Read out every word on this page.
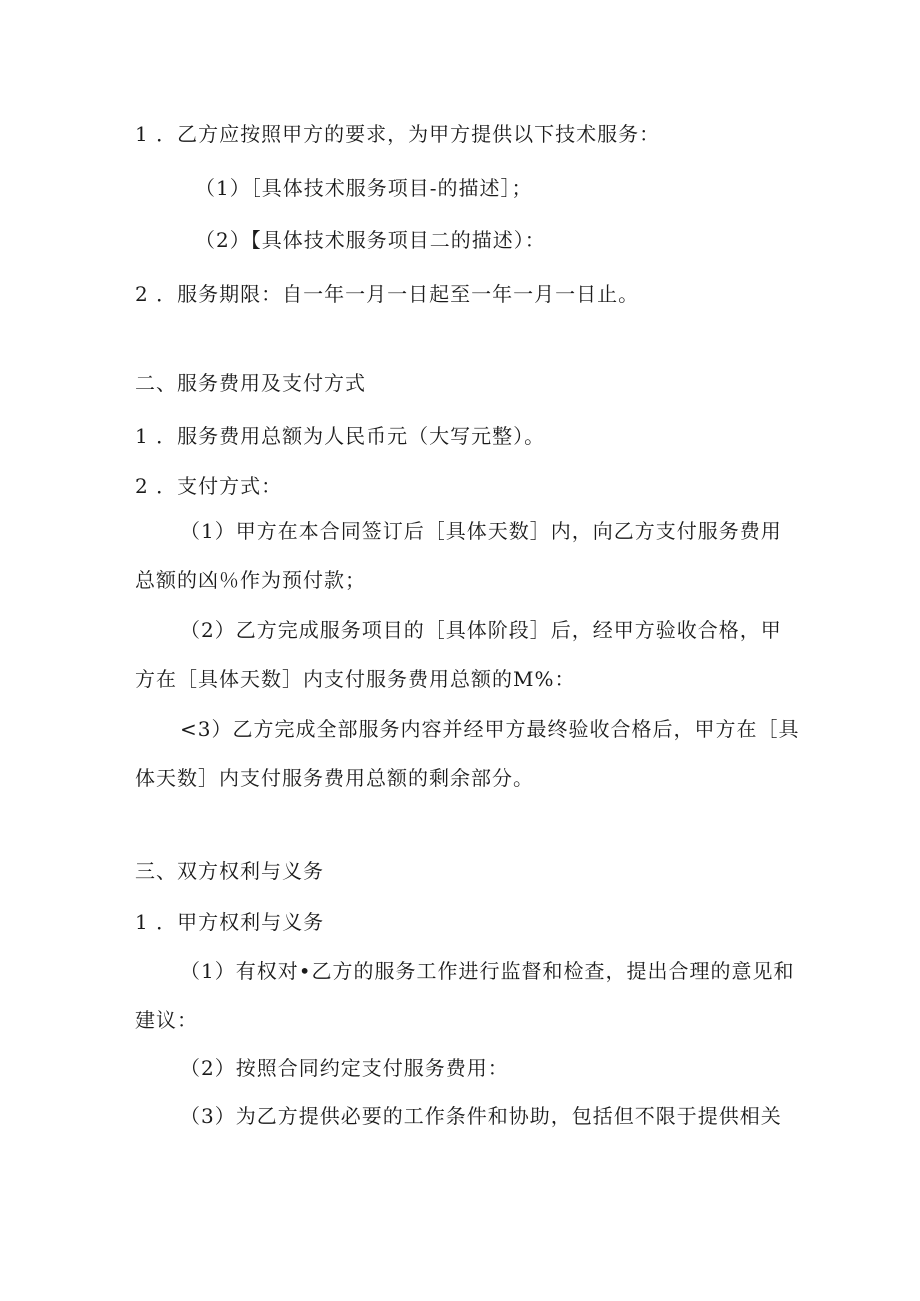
1 ．乙方应按照甲方的要求，为甲方提供以下技术服务：
（1）［具体技术服务项目-的描述］；
（2）【具体技术服务项目二的描述）：
2 ．服务期限：自一年一月一日起至一年一月一日止。
二、服务费用及支付方式
1 ．服务费用总额为人民币元（大写元整）。
2 ．支付方式：
（1）甲方在本合同签订后［具体天数］内，向乙方支付服务费用
总额的凶％作为预付款；
（2）乙方完成服务项目的［具体阶段］后，经甲方验收合格，甲
方在［具体天数］内支付服务费用总额的M%：
<3）乙方完成全部服务内容并经甲方最终验收合格后，甲方在［具
体天数］内支付服务费用总额的剩余部分。
三、双方权利与义务
1 ．甲方权利与义务
（1）有权对•乙方的服务工作进行监督和检查，提出合理的意见和
建议：
（2）按照合同约定支付服务费用：
（3）为乙方提供必要的工作条件和协助，包括但不限于提供相关
